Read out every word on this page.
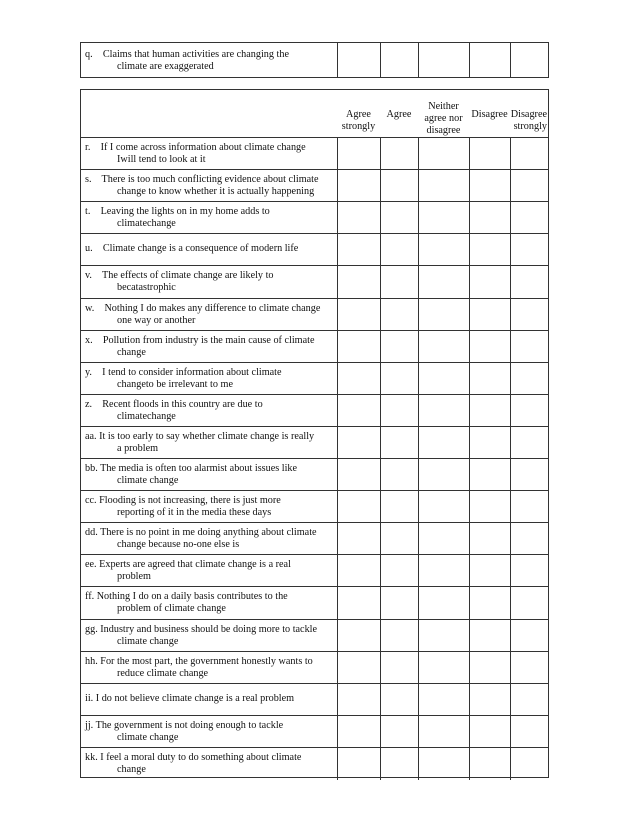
q. Claims that human activities are changing the
climate are exaggerated
Agree strongly
Agree
Neither agree nor disagree
Disagree Disagree strongly
r. If I come across information about climate change
Iwill tend to look at it
s. There is too much conflicting evidence about climate
change to know whether it is actually happening
t. Leaving the lights on in my home adds to
climatechange
u. Climate change is a consequence of modern life
v. The effects of climate change are likely to
becatastrophic
w. Nothing I do makes any difference to climate change
one way or another
x. Pollution from industry is the main cause of climate
change
y. I tend to consider information about climate
changeto be irrelevant to me
z. Recent floods in this country are due to
climatechange
aa. It is too early to say whether climate change is really
a problem
bb. The media is often too alarmist about issues like
climate change
cc. Flooding is not increasing, there is just more
reporting of it in the media these days
dd. There is no point in me doing anything about climate
change because no-one else is
ee. Experts are agreed that climate change is a real
problem
ff. Nothing I do on a daily basis contributes to the
problem of climate change
gg. Industry and business should be doing more to tackle
climate change
hh. For the most part, the government honestly wants to
reduce climate change
ii. I do not believe climate change is a real problem
jj. The government is not doing enough to tackle
climate change
kk. I feel a moral duty to do something about climate
change
